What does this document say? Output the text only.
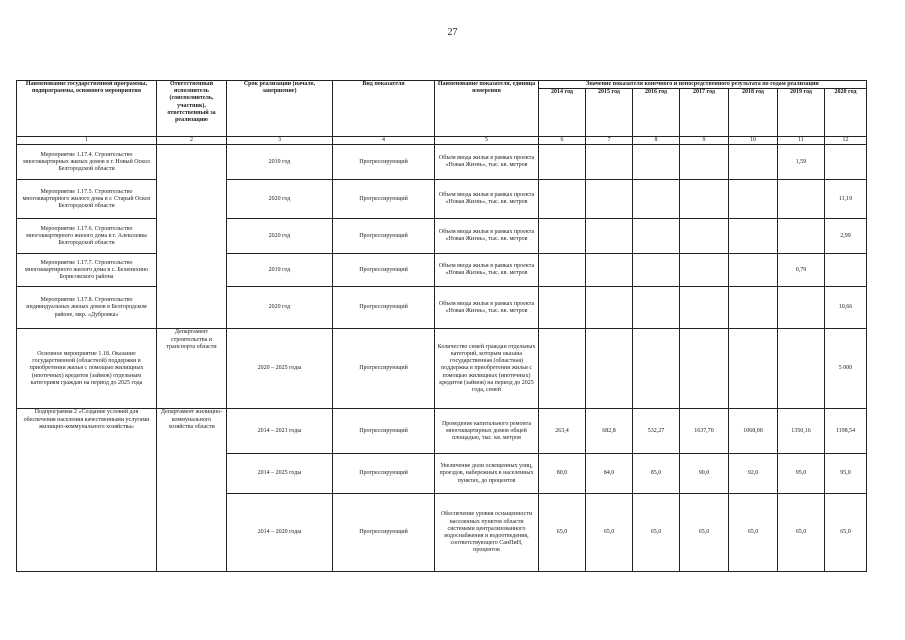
27
Наименование государственной программы, подпрограммы, основного мероприятия	Ответственный исполнитель (соисполнитель, участник), ответственный за реализацию	Срок реализации (начало, завершение)	Вид показателя	Наименование показателя, единица измерения	Значение показателя конечного и непосредственного результата по годам реализации						
					2014 год	2015 год	2016 год	2017 год	2018 год	2019 год	2020 год
1	2	3	4	5	6	7	8	9	10	11	12
Мероприятие 1.17.4. Строительство многоквартирных жилых домов в г. Новый Оскол Белгородской области		2019 год	Прогрессирующий	Объем ввода жилья в рамках проекта «Новая Жизнь», тыс. кв. метров						1,59	
Мероприятие 1.17.5. Строительство многоквартирного жилого дома в г. Старый Оскол Белгородской области		2020 год	Прогрессирующий	Объем ввода жилья в рамках проекта «Новая Жизнь», тыс. кв. метров							11,19
Мероприятие 1.17.6. Строительство многоквартирного жилого дома в г. Алексеевка Белгородской области		2020 год	Прогрессирующий	Объем ввода жилья в рамках проекта «Новая Жизнь», тыс. кв. метров							2,99
Мероприятие 1.17.7. Строительство многоквартирного жилого дома в с. Беленихино Борисовского района		2019 год	Прогрессирующий	Объем ввода жилья в рамках проекта «Новая Жизнь», тыс. кв. метров						0,79	
Мероприятие 1.17.8. Строительство индивидуальных жилых домов в Белгородском районе, мкр. «Дубровка»		2020 год	Прогрессирующий	Объем ввода жилья в рамках проекта «Новая Жизнь», тыс. кв. метров							10,66
Основное мероприятие 1.18. Оказание государственной (областной) поддержки в приобретении жилья с помощью жилищных (ипотечных) кредитов (займов) отдельным категориям граждан на период до 2025 года	Департамент строительства и транспорта области	2020 – 2025 годы	Прогрессирующий	Количество семей граждан отдельных категорий, которым оказана государственная (областная) поддержка в приобретении жилья с помощью жилищных (ипотечных) кредитов (займов) на период до 2025 года, семей							5 000
Подпрограмма 2 «Создание условий для обеспечения населения качественными услугами жилищно-коммунального хозяйства»	Департамент жилищно-коммунального хозяйства области	2014 – 2021 годы	Прогрессирующий	Проведение капитального ремонта многоквартирных домов общей площадью, тыс. кв. метров	263,4	682,8	532,27	1637,70	1068,00	1350,16	1198,54
		2014 – 2025 годы	Прогрессирующий	Увеличение доли освещенных улиц, проездов, набережных в населенных пунктах, до процентов	80,0	84,0	85,0	90,0	92,0	95,0	95,0
		2014 – 2020 годы	Прогрессирующий	Обеспечение уровня оснащенности населенных пунктов области системами централизованного водоснабжения и водоотведения, соответствующего СанПиН, процентов	65,0	65,0	65,0	65,0	65,0	65,0	65,0
